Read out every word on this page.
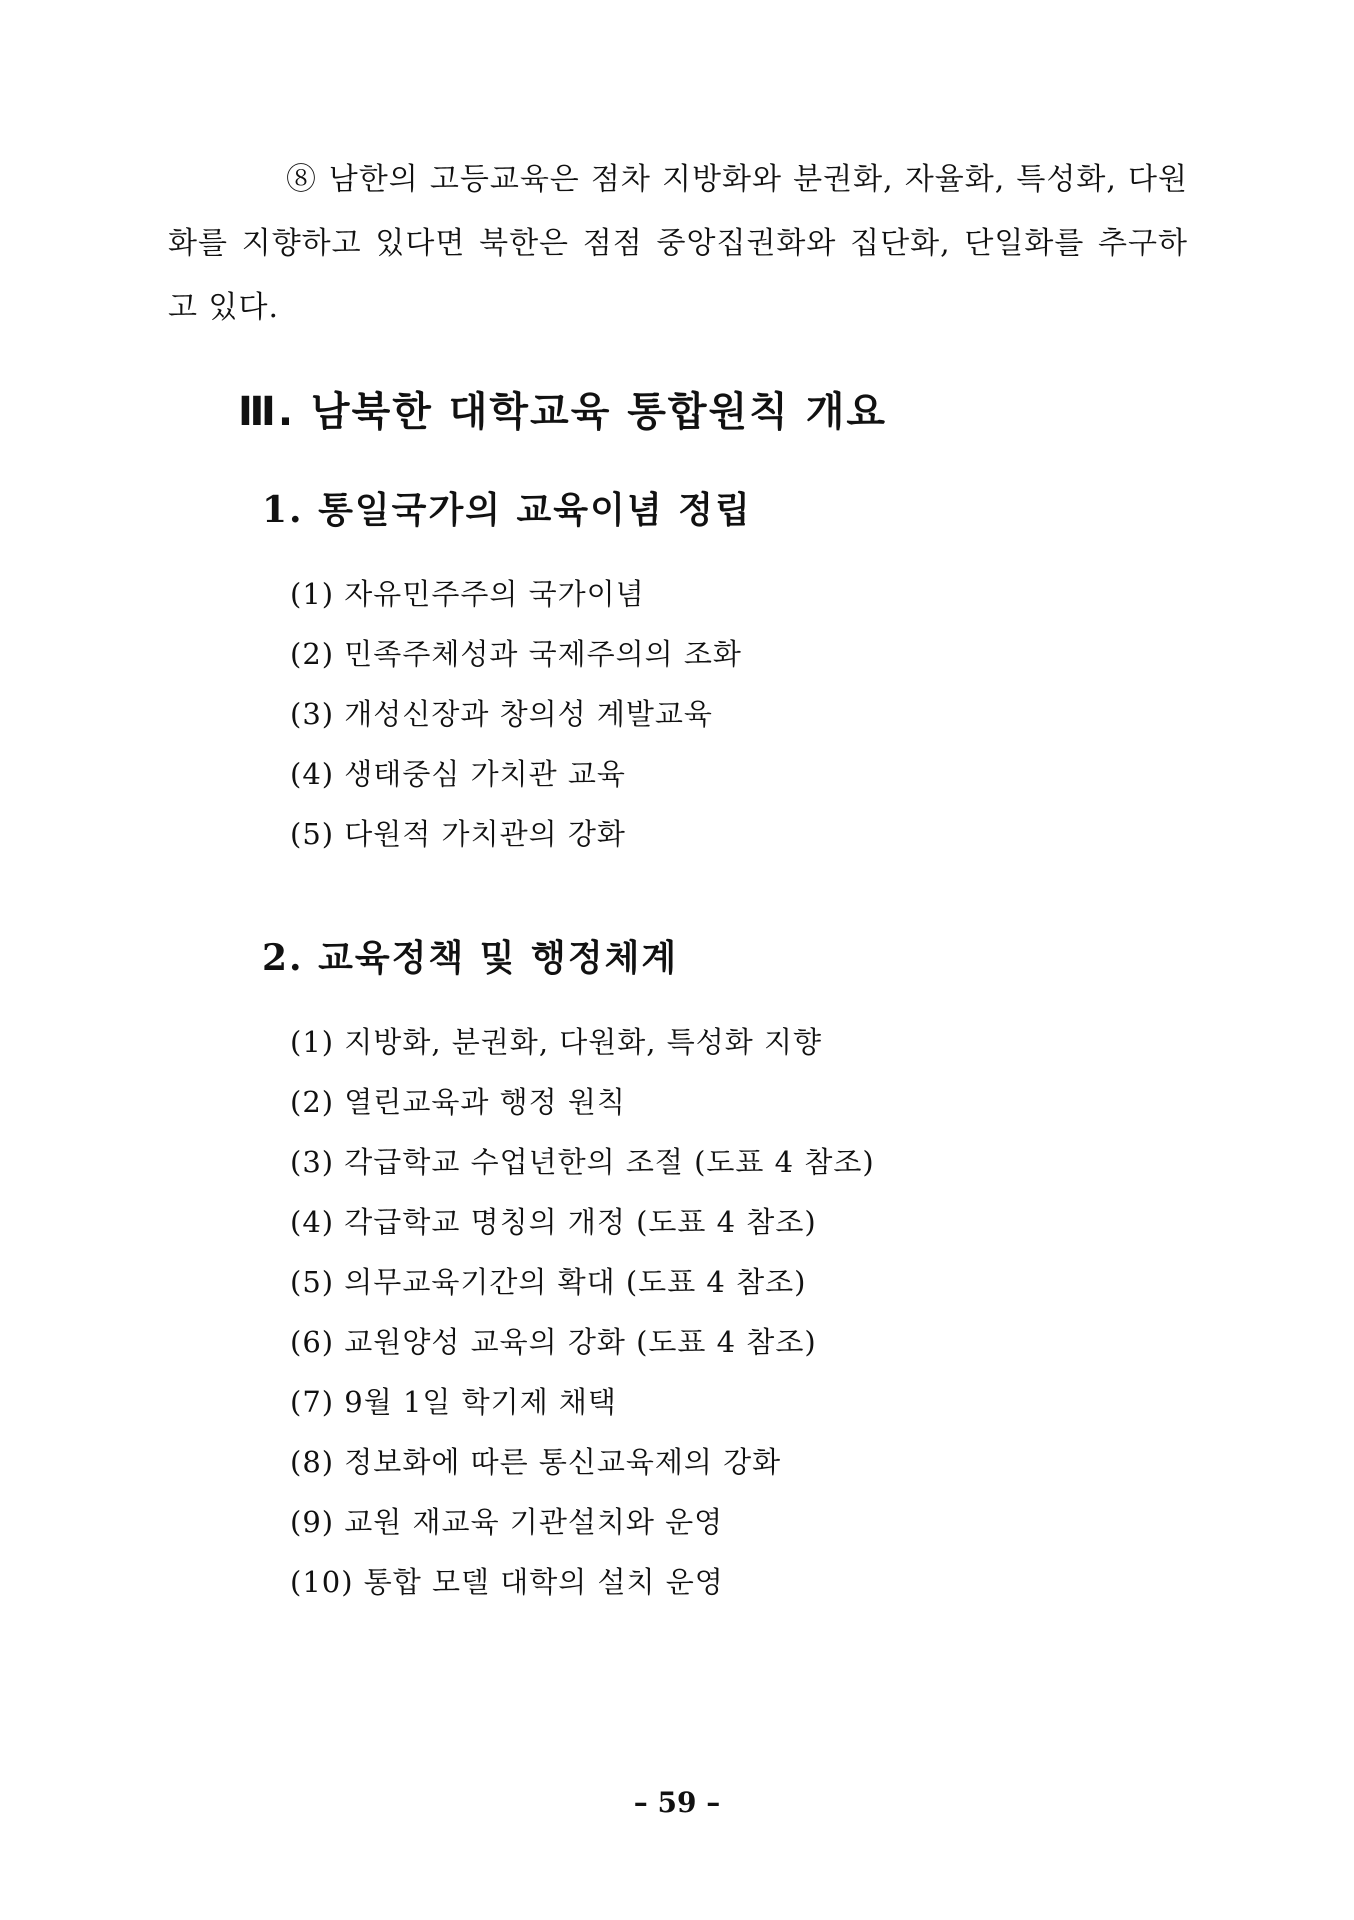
⑧ 남한의 고등교육은 점차 지방화와 분권화, 자율화, 특성화, 다원화를 지향하고 있다면 북한은 점점 중앙집권화와 집단화, 단일화를 추구하고 있다.

Ⅲ. 남북한 대학교육 통합원칙 개요
1. 통일국가의 교육이념 정립
(1) 자유민주주의 국가이념
(2) 민족주체성과 국제주의의 조화
(3) 개성신장과 창의성 계발교육
(4) 생태중심 가치관 교육
(5) 다원적 가치관의 강화
2. 교육정책 및 행정체계
(1) 지방화, 분권화, 다원화, 특성화 지향
(2) 열린교육과 행정 원칙
(3) 각급학교 수업년한의 조절 (도표 4 참조)
(4) 각급학교 명칭의 개정 (도표 4 참조)
(5) 의무교육기간의 확대 (도표 4 참조)
(6) 교원양성 교육의 강화 (도표 4 참조)
(7) 9월 1일 학기제 채택
(8) 정보화에 따른 통신교육제의 강화
(9) 교원 재교육 기관설치와 운영
(10) 통합 모델 대학의 설치 운영
– 59 –
